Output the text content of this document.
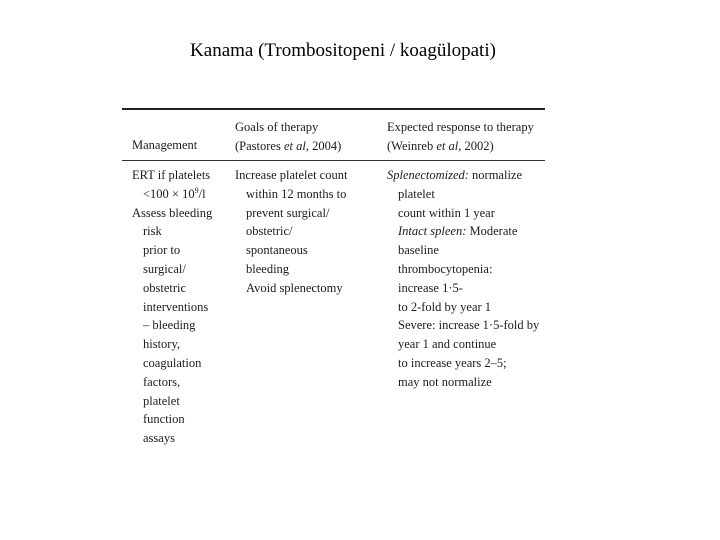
Kanama (Trombositopeni / koagülopati)
Management
Goals of therapy
(Pastores et al, 2004)
Expected response to therapy
(Weinreb et al, 2002)
ERT if platelets
$<100 \times 10^9/l$
Assess bleeding
risk
prior to
surgical/
obstetric
interventions
– bleeding
history,
coagulation
factors,
platelet
function
assays
Increase platelet count
within 12 months to
prevent surgical/
obstetric/
spontaneous
bleeding
Avoid splenectomy
Splenectomized: normalize
platelet
count within 1 year
Intact spleen: Moderate
baseline
thrombocytopenia:
increase 1·5-
to 2-fold by year 1
Severe: increase 1·5-fold by
year 1 and continue
to increase years 2–5;
may not normalize
